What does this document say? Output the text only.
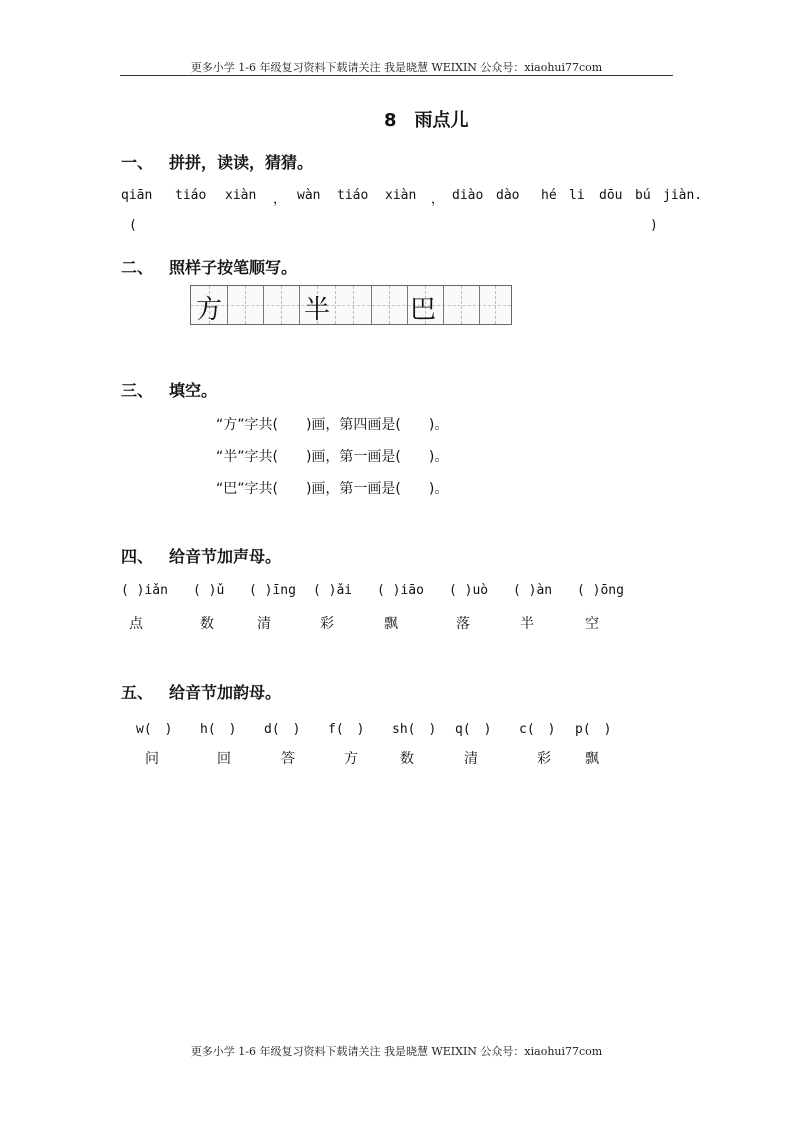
更多小学 1-6 年级复习资料下载请关注 我是晓慧 WEIXIN 公众号：xiaohui77com
8　雨点儿
一、 拼拼，读读，猜猜。
qiān tiáo xiàn ， wàn tiáo xiàn ， diào dào hé li dōu bú jiàn.
(	)
二、 照样子按笔顺写。
方	半	巴
三、 填空。
“方”字共(　　)画，第四画是(　　)。
“半”字共(　　)画，第一画是(　　)。
“巴”字共(　　)画，第一画是(　　)。
四、 给音节加声母。
( )iǎn ( )ǔ ( )īng ( )ǎi ( )iāo ( )uò ( )àn ( )ōng
点	数	清	彩	飘	落	半	空
五、 给音节加韵母。
w(　) h(　) d(　) f(　) sh(　) q(　) c(　) p(　)
问	回	答	方	数	清	彩 飘
更多小学 1-6 年级复习资料下载请关注 我是晓慧 WEIXIN 公众号：xiaohui77com
